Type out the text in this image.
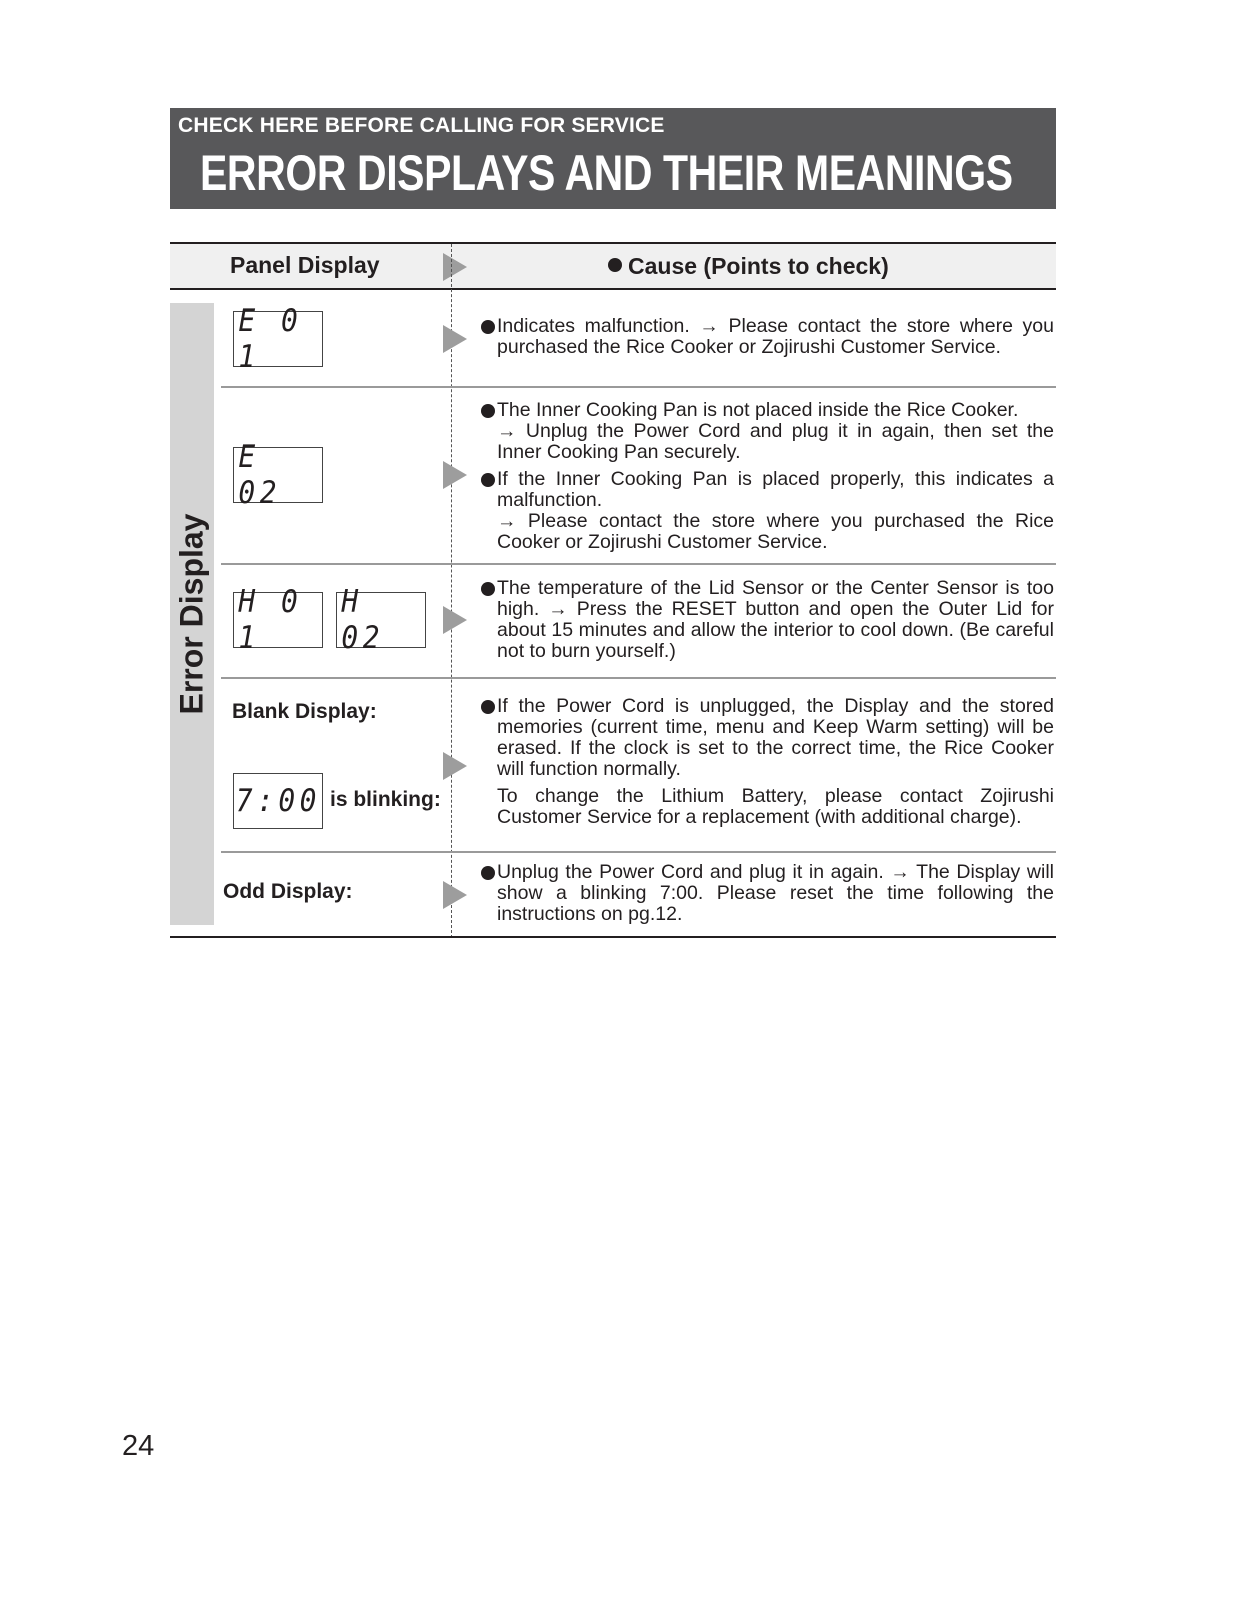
CHECK HERE BEFORE CALLING FOR SERVICE
ERROR DISPLAYS AND THEIR MEANINGS
Panel Display	Cause (Points to check)
Error Display
E 0 1

Indicates malfunction. → Please contact the store where you purchased the Rice Cooker or Zojirushi Customer Service.

E 02

The Inner Cooking Pan is not placed inside the Rice Cooker.
→ Unplug the Power Cord and plug it in again, then set the Inner Cooking Pan securely.

If the Inner Cooking Pan is placed properly, this indicates a malfunction.
→ Please contact the store where you purchased the Rice Cooker or Zojirushi Customer Service.

H 0 1
H 02

The temperature of the Lid Sensor or the Center Sensor is too high. → Press the RESET button and open the Outer Lid for about 15 minutes and allow the interior to cool down. (Be careful not to burn yourself.)

Blank Display:
7:00 is blinking:

If the Power Cord is unplugged, the Display and the stored memories (current time, menu and Keep Warm setting) will be erased. If the clock is set to the correct time, the Rice Cooker will function normally.

To change the Lithium Battery, please contact Zojirushi Customer Service for a replacement (with additional charge).

Odd Display:

Unplug the Power Cord and plug it in again. → The Display will show a blinking 7:00. Please reset the time following the instructions on pg.12.

24
